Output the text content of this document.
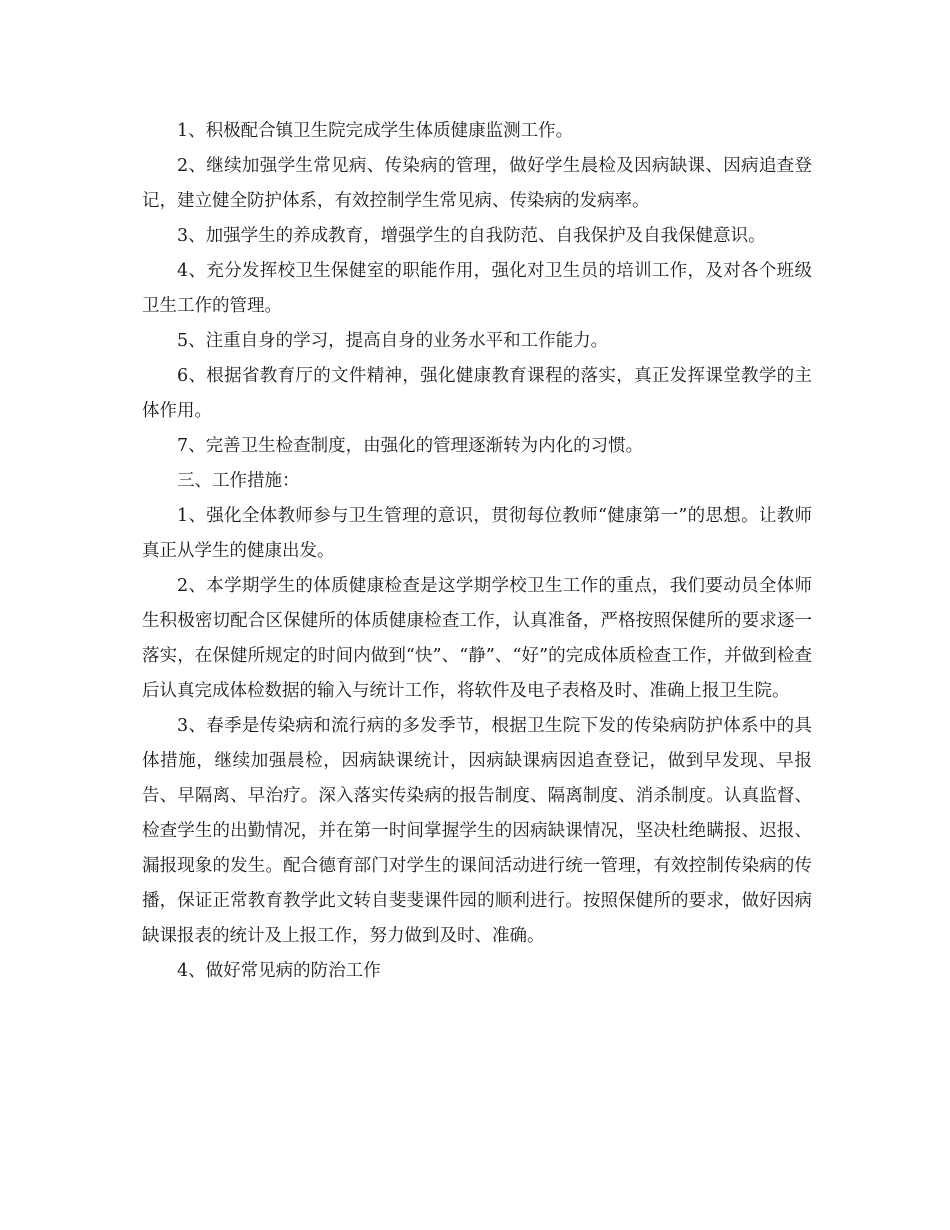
1、积极配合镇卫生院完成学生体质健康监测工作。

2、继续加强学生常见病、传染病的管理，做好学生晨检及因病缺课、因病追查登记，建立健全防护体系，有效控制学生常见病、传染病的发病率。

3、加强学生的养成教育，增强学生的自我防范、自我保护及自我保健意识。

4、充分发挥校卫生保健室的职能作用，强化对卫生员的培训工作，及对各个班级卫生工作的管理。

5、注重自身的学习，提高自身的业务水平和工作能力。

6、根据省教育厅的文件精神，强化健康教育课程的落实，真正发挥课堂教学的主体作用。

7、完善卫生检查制度，由强化的管理逐渐转为内化的习惯。

三、工作措施：

1、强化全体教师参与卫生管理的意识，贯彻每位教师“健康第一”的思想。让教师真正从学生的健康出发。

2、本学期学生的体质健康检查是这学期学校卫生工作的重点，我们要动员全体师生积极密切配合区保健所的体质健康检查工作，认真准备，严格按照保健所的要求逐一落实，在保健所规定的时间内做到“快”、“静”、“好”的完成体质检查工作，并做到检查后认真完成体检数据的输入与统计工作，将软件及电子表格及时、准确上报卫生院。

3、春季是传染病和流行病的多发季节，根据卫生院下发的传染病防护体系中的具体措施，继续加强晨检，因病缺课统计，因病缺课病因追查登记，做到早发现、早报告、早隔离、早治疗。深入落实传染病的报告制度、隔离制度、消杀制度。认真监督、检查学生的出勤情况，并在第一时间掌握学生的因病缺课情况，坚决杜绝瞒报、迟报、漏报现象的发生。配合德育部门对学生的课间活动进行统一管理，有效控制传染病的传播，保证正常教育教学此文转自斐斐课件园的顺利进行。按照保健所的要求，做好因病缺课报表的统计及上报工作，努力做到及时、准确。

4、做好常见病的防治工作
